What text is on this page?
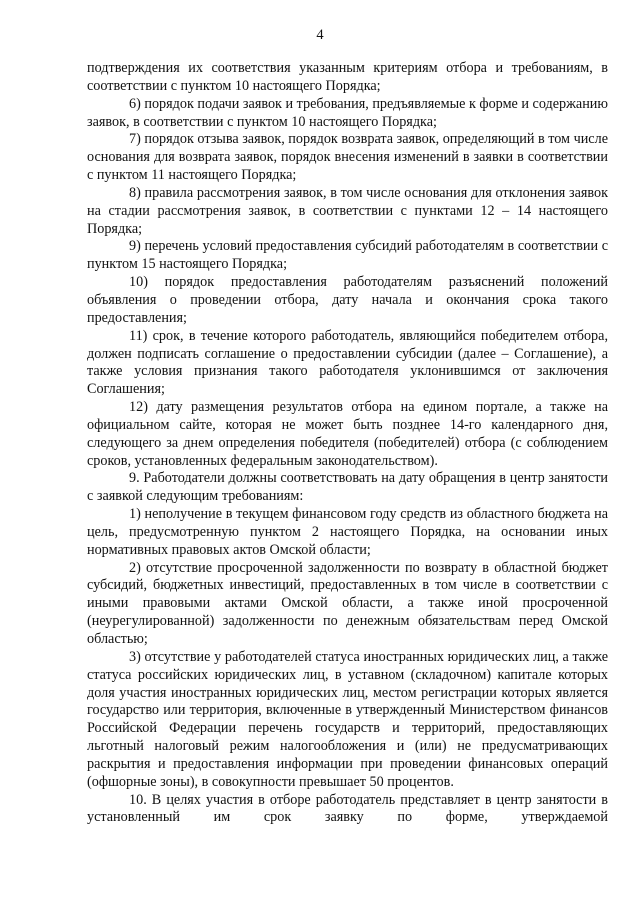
4

подтверждения их соответствия указанным критериям отбора и требованиям, в соответствии с пунктом 10 настоящего Порядка;

6) порядок подачи заявок и требования, предъявляемые к форме и содержанию заявок, в соответствии с пунктом 10 настоящего Порядка;

7) порядок отзыва заявок, порядок возврата заявок, определяющий в том числе основания для возврата заявок, порядок внесения изменений в заявки в соответствии с пунктом 11 настоящего Порядка;

8) правила рассмотрения заявок, в том числе основания для отклонения заявок на стадии рассмотрения заявок, в соответствии с пунктами 12 – 14 настоящего Порядка;

9) перечень условий предоставления субсидий работодателям в соответствии с пунктом 15 настоящего Порядка;

10) порядок предоставления работодателям разъяснений положений объявления о проведении отбора, дату начала и окончания срока такого предоставления;

11) срок, в течение которого работодатель, являющийся победителем отбора, должен подписать соглашение о предоставлении субсидии (далее – Соглашение), а также условия признания такого работодателя уклонившимся от заключения Соглашения;

12) дату размещения результатов отбора на едином портале, а также на официальном сайте, которая не может быть позднее 14-го календарного дня, следующего за днем определения победителя (победителей) отбора (с соблюдением сроков, установленных федеральным законодательством).

9. Работодатели должны соответствовать на дату обращения в центр занятости с заявкой следующим требованиям:

1) неполучение в текущем финансовом году средств из областного бюджета на цель, предусмотренную пунктом 2 настоящего Порядка, на основании иных нормативных правовых актов Омской области;

2) отсутствие просроченной задолженности по возврату в областной бюджет субсидий, бюджетных инвестиций, предоставленных в том числе в соответствии с иными правовыми актами Омской области, а также иной просроченной (неурегулированной) задолженности по денежным обязательствам перед Омской областью;

3) отсутствие у работодателей статуса иностранных юридических лиц, а также статуса российских юридических лиц, в уставном (складочном) капитале которых доля участия иностранных юридических лиц, местом регистрации которых является государство или территория, включенные в утвержденный Министерством финансов Российской Федерации перечень государств и территорий, предоставляющих льготный налоговый режим налогообложения и (или) не предусматривающих раскрытия и предоставления информации при проведении финансовых операций (офшорные зоны), в совокупности превышает 50 процентов.

10. В целях участия в отборе работодатель представляет в центр занятости в установленный им срок заявку по форме, утверждаемой
